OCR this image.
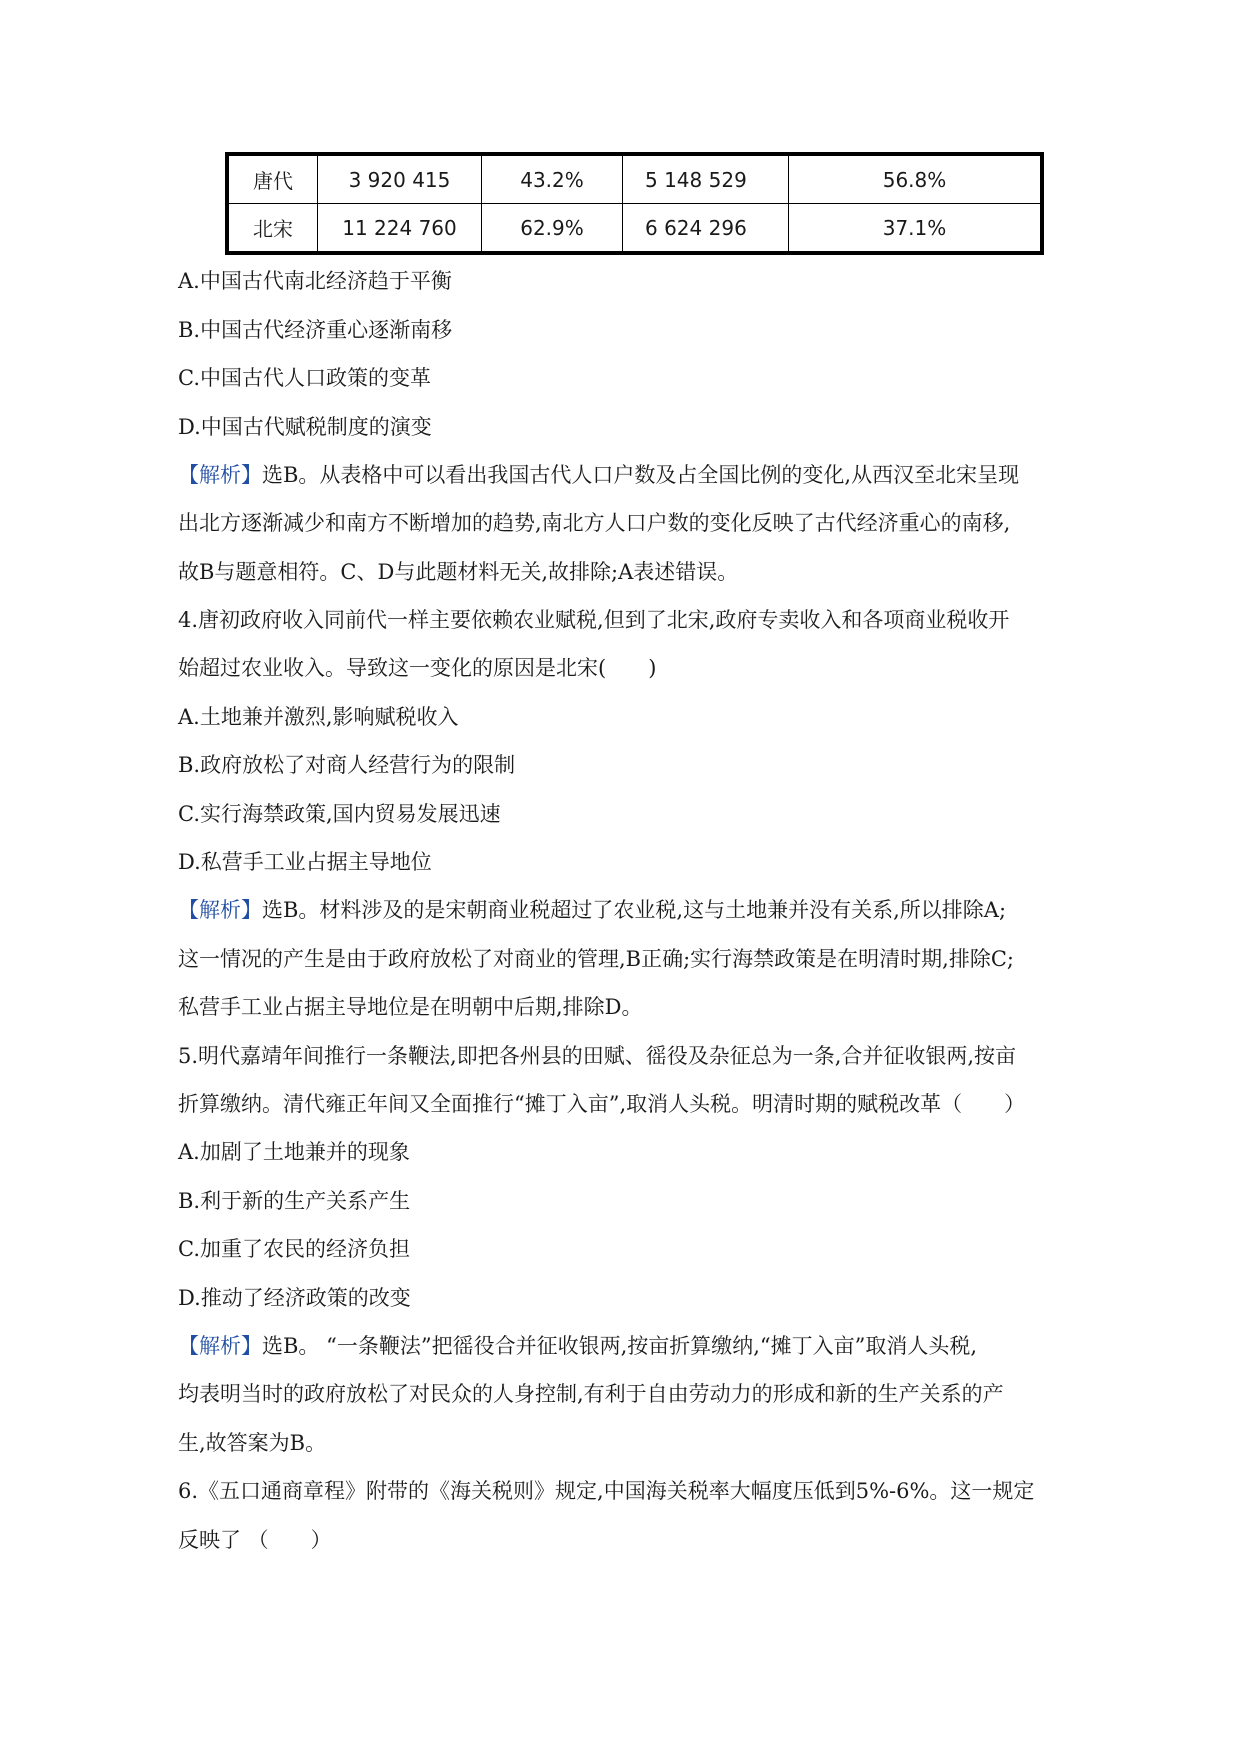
唐代	3 920 415	43.2%	5 148 529	56.8%
北宋	11 224 760	62.9%	6 624 296	37.1%
A.中国古代南北经济趋于平衡
B.中国古代经济重心逐渐南移
C.中国古代人口政策的变革
D.中国古代赋税制度的演变
【解析】选B。从表格中可以看出我国古代人口户数及占全国比例的变化,从西汉至北宋呈现
出北方逐渐减少和南方不断增加的趋势,南北方人口户数的变化反映了古代经济重心的南移,
故B与题意相符。C、D与此题材料无关,故排除;A表述错误。
4.唐初政府收入同前代一样主要依赖农业赋税,但到了北宋,政府专卖收入和各项商业税收开
始超过农业收入。导致这一变化的原因是北宋(　　)
A.土地兼并激烈,影响赋税收入
B.政府放松了对商人经营行为的限制
C.实行海禁政策,国内贸易发展迅速
D.私营手工业占据主导地位
【解析】选B。材料涉及的是宋朝商业税超过了农业税,这与土地兼并没有关系,所以排除A;
这一情况的产生是由于政府放松了对商业的管理,B正确;实行海禁政策是在明清时期,排除C;
私营手工业占据主导地位是在明朝中后期,排除D。
5.明代嘉靖年间推行一条鞭法,即把各州县的田赋、徭役及杂征总为一条,合并征收银两,按亩
折算缴纳。清代雍正年间又全面推行“摊丁入亩”,取消人头税。明清时期的赋税改革（　　）
A.加剧了土地兼并的现象
B.利于新的生产关系产生
C.加重了农民的经济负担
D.推动了经济政策的改变
【解析】选B。 “一条鞭法”把徭役合并征收银两,按亩折算缴纳,“摊丁入亩”取消人头税,
均表明当时的政府放松了对民众的人身控制,有利于自由劳动力的形成和新的生产关系的产
生,故答案为B。
6.《五口通商章程》附带的《海关税则》规定,中国海关税率大幅度压低到5%-6%。这一规定
反映了 （　　）
